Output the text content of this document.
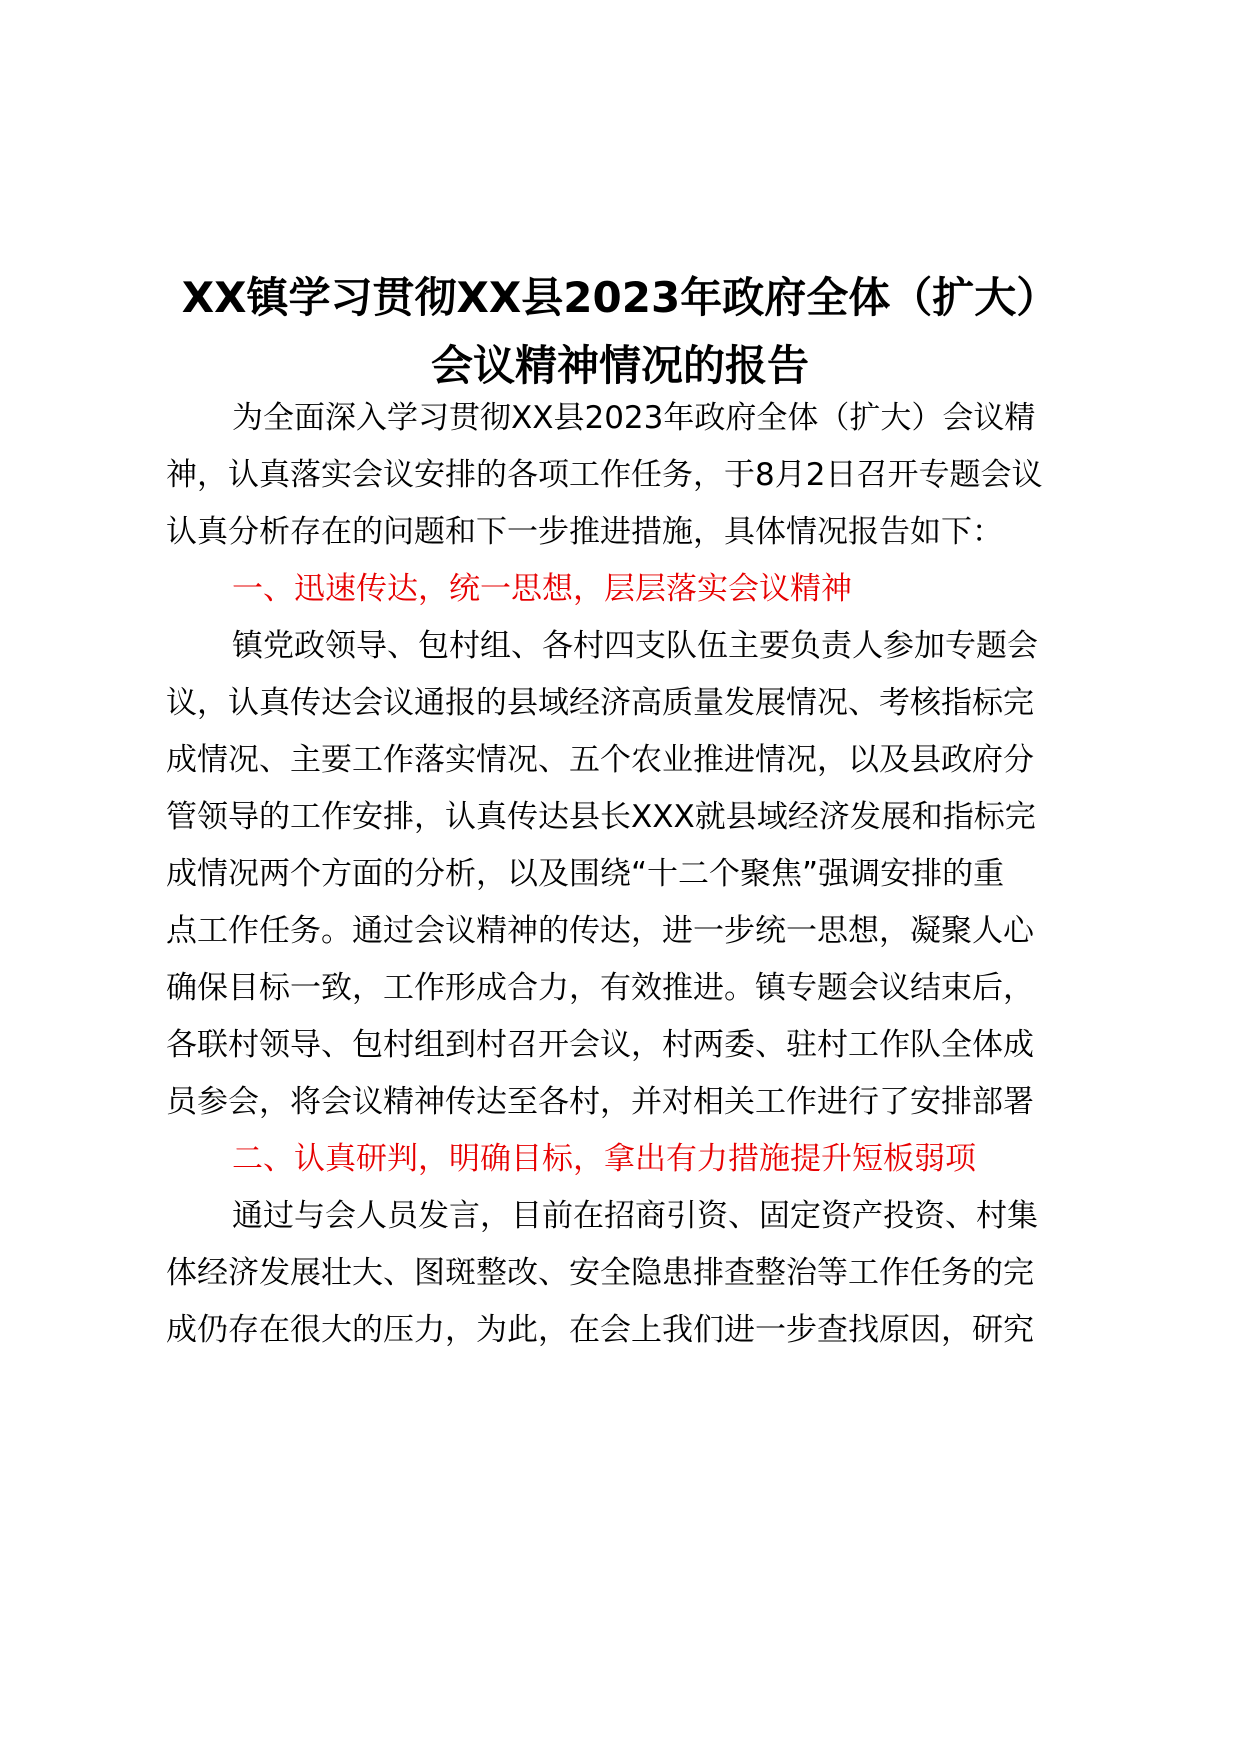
XX镇学习贯彻XX县2023年政府全体（扩大）
会议精神情况的报告
为全面深入学习贯彻XX县2023年政府全体（扩大）会议精
神，认真落实会议安排的各项工作任务，于8月2日召开专题会议
认真分析存在的问题和下一步推进措施，具体情况报告如下：
一、迅速传达，统一思想，层层落实会议精神
镇党政领导、包村组、各村四支队伍主要负责人参加专题会
议，认真传达会议通报的县域经济高质量发展情况、考核指标完
成情况、主要工作落实情况、五个农业推进情况，以及县政府分
管领导的工作安排，认真传达县长XXX就县域经济发展和指标完
成情况两个方面的分析，以及围绕“十二个聚焦”强调安排的重
点工作任务。通过会议精神的传达，进一步统一思想，凝聚人心
确保目标一致，工作形成合力，有效推进。镇专题会议结束后，
各联村领导、包村组到村召开会议，村两委、驻村工作队全体成
员参会，将会议精神传达至各村，并对相关工作进行了安排部署
二、认真研判，明确目标，拿出有力措施提升短板弱项
通过与会人员发言，目前在招商引资、固定资产投资、村集
体经济发展壮大、图斑整改、安全隐患排查整治等工作任务的完
成仍存在很大的压力，为此，在会上我们进一步查找原因，研究
